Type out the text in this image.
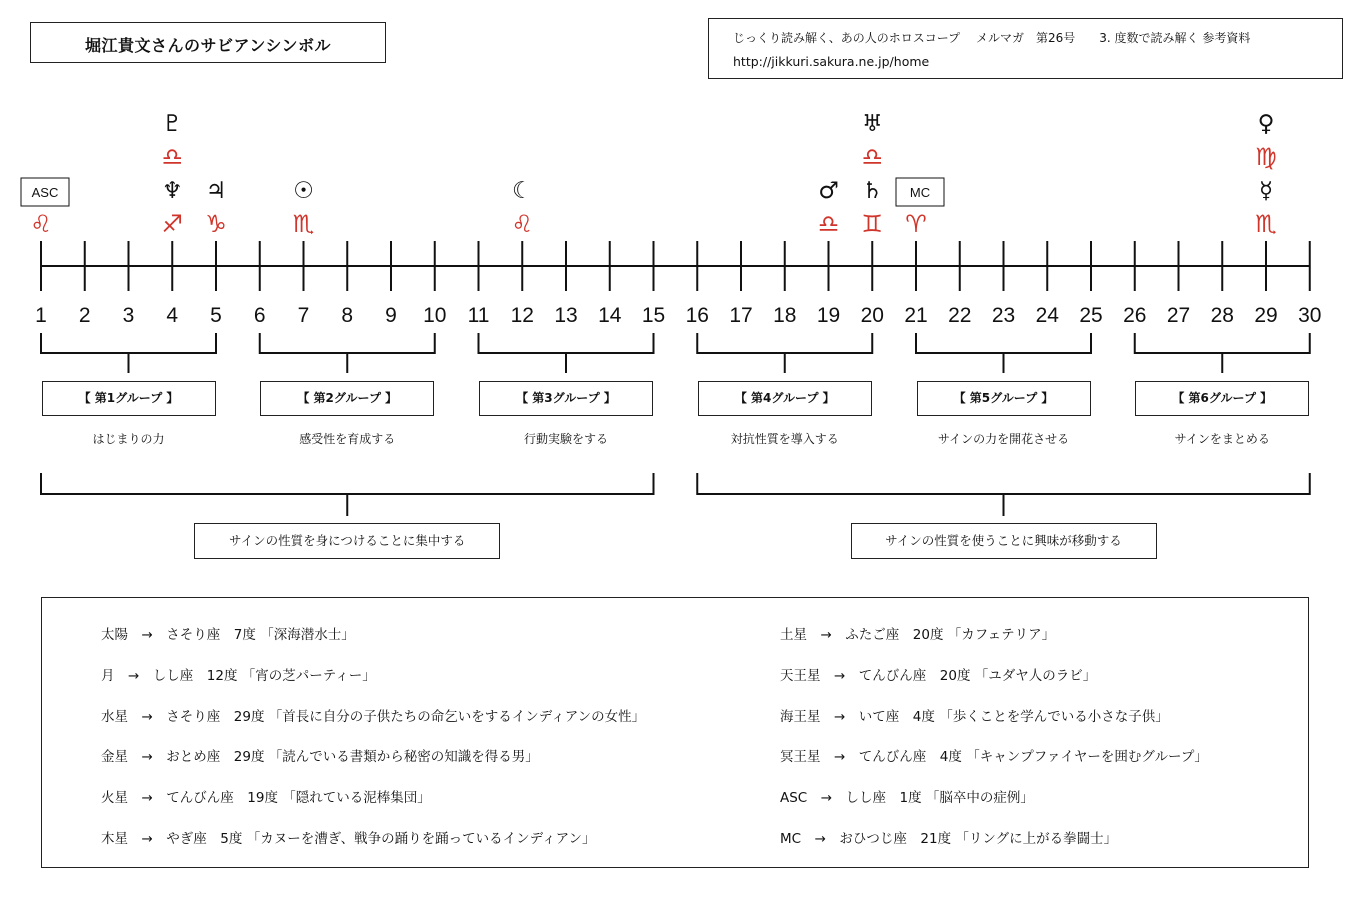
堀江貴文さんのサビアンシンボル	じっくり読み解く、あの人のホロスコープ　 メルマガ　第26号　　3. 度数で読み解く 参考資料
http://jikkuri.sakura.ne.jp/home
1 2 3 4 5 6 7 8 9 10 11 12 13 14 15 16 17 18 19 20 21 22 23 24 25 26 27 28 29 30
♌
ASC
♎
♇
♐
♆
♑
♃
♏
☉
♌
☾
♎
♂
♎
♅
♊
♄
♈
MC
♍
♀
♏
☿
【 第1グループ 】
はじまりの力
【 第2グループ 】
感受性を育成する
【 第3グループ 】
行動実験をする
【 第4グループ 】
対抗性質を導入する
【 第5グループ 】
サインの力を開花させる
【 第6グループ 】
サインをまとめる
サインの性質を身につけることに集中する	サインの性質を使うことに興味が移動する
太陽　→　さそり座　7度 「深海潜水士」
月　→　しし座　12度 「宵の芝パーティー」
水星　→　さそり座　29度 「首長に自分の子供たちの命乞いをするインディアンの女性」
金星　→　おとめ座　29度 「読んでいる書類から秘密の知識を得る男」
火星　→　てんびん座　19度 「隠れている泥棒集団」
木星　→　やぎ座　5度 「カヌーを漕ぎ、戦争の踊りを踊っているインディアン」
土星　→　ふたご座　20度 「カフェテリア」
天王星　→　てんびん座　20度 「ユダヤ人のラビ」
海王星　→　いて座　4度 「歩くことを学んでいる小さな子供」
冥王星　→　てんびん座　4度 「キャンプファイヤーを囲むグループ」
ASC　→　しし座　1度 「脳卒中の症例」
MC　→　おひつじ座　21度 「リングに上がる拳闘士」
